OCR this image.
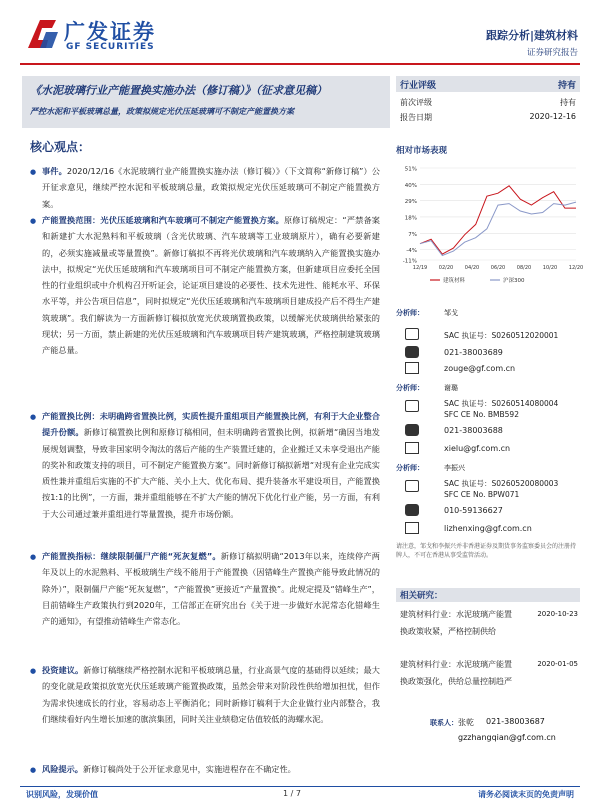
广发证券
GF SECURITIES
跟踪分析|建筑材料
证券研究报告
《水泥玻璃行业产能置换实施办法（修订稿）》（征求意见稿）
严控水泥和平板玻璃总量，政策拟规定光伏压延玻璃可不制定产能置换方案
行业评级	持有
前次评级	持有
报告日期	2020-12-16
相对市场表现
51%
40%
29%
18%
7%
-4%
-11%
12/19 02/20 04/20 06/20 08/20 10/20 12/20
建筑材料	沪深300
核心观点：
● 事件。2020/12/16《水泥玻璃行业产能置换实施办法（修订稿）》（下文简称“新修订稿”）公开征求意见，继续严控水泥和平板玻璃总量，政策拟规定光伏压延玻璃可不制定产能置换方案。
● 产能置换范围：光伏压延玻璃和汽车玻璃可不制定产能置换方案。原修订稿规定：“严禁备案和新建扩大水泥熟料和平板玻璃（含光伏玻璃、汽车玻璃等工业玻璃原片），确有必要新建的，必须实施减量或等量置换”。新修订稿拟不再将光伏玻璃和汽车玻璃纳入产能置换实施办法中，拟规定“光伏压延玻璃和汽车玻璃项目可不制定产能置换方案，但新建项目应委托全国性的行业组织或中介机构召开听证会，论证项目建设的必要性、技术先进性、能耗水平、环保水平等，并公告项目信息”，同时拟规定“光伏压延玻璃和汽车玻璃项目建成投产后不得生产建筑玻璃”。我们解读为一方面新修订稿拟放宽光伏玻璃置换政策，以缓解光伏玻璃供给紧张的现状；另一方面，禁止新建的光伏压延玻璃和汽车玻璃项目转产建筑玻璃，严格控制建筑玻璃产能总量。
● 产能置换比例：未明确跨省置换比例，实质性提升重组项目产能置换比例，有利于大企业整合提升份额。新修订稿置换比例和原修订稿相同，但未明确跨省置换比例，拟新增“确因当地发展规划调整，导致非国家明令淘汰的落后产能的生产装置迁建的，企业搬迁又未享受退出产能的奖补和政策支持的项目，可不制定产能置换方案”。同时新修订稿拟新增“对现有企业完成实质性兼并重组后实施的不扩大产能、关小上大、优化布局、提升装备水平建设项目，产能置换按1:1的比例”，一方面，兼并重组能够在不扩大产能的情况下优化行业产能，另一方面，有利于大公司通过兼并重组进行等量置换，提升市场份额。
● 产能置换指标：继续限制僵尸产能“死灰复燃”。新修订稿拟明确“2013年以来，连续停产两年及以上的水泥熟料、平板玻璃生产线不能用于产能置换（因错峰生产置换产能导致此情况的除外）”，限制僵尸产能“死灰复燃”，“产能置换”更接近“产量置换”。此规定提及“错峰生产”，目前错峰生产政策执行到2020年，工信部正在研究出台《关于进一步做好水泥常态化错峰生产的通知》，有望推动错峰生产常态化。
● 投资建议。新修订稿继续严格控制水泥和平板玻璃总量，行业高景气度的基础得以延续；最大的变化就是政策拟放宽光伏压延玻璃产能置换政策，虽然会带来对阶段性供给增加担忧，但作为需求快速成长的行业，容易动态上平衡消化；同时新修订稿利于大企业做行业内部整合，我们继续看好内生增长加速的旗滨集团，同时关注业绩稳定估值较低的海螺水泥。
● 风险提示。新修订稿尚处于公开征求意见中，实施进程存在不确定性。
分析师：	邹戈
SAC 执证号：S0260512020001
021-38003689
zouge@gf.com.cn
分析师：	谢璐
SAC 执证号：S0260514080004
SFC CE No. BMB592
021-38003688
xielu@gf.com.cn
分析师：	李振兴
SAC 执证号：S0260520080003
SFC CE No. BPW071
010-59136627
lizhenxing@gf.com.cn
请注意，邹戈和李振兴并非香港证券及期货事务监察委员会的注册持牌人，不可在香港从事受监管活动。
相关研究：
建筑材料行业：水泥玻璃产能置换政策收紧，严格控制供给
2020-10-23
建筑材料行业：水泥玻璃产能置换政策强化，供给总量控制趋严
2020-01-05
联系人： 张乾 021-38003687
gzzhangqian@gf.com.cn
识别风险，发现价值	1 / 7	请务必阅读末页的免责声明
